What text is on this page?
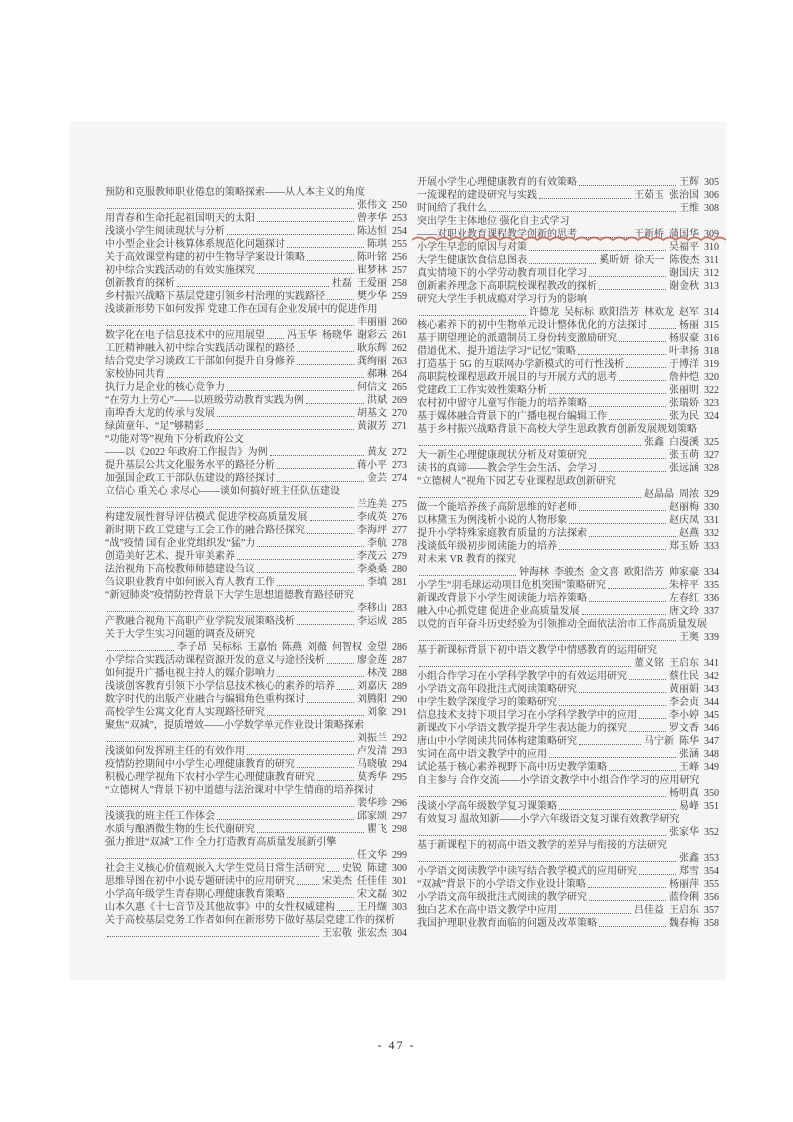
预防和克服教师职业倦怠的策略探索——从人本主义的角度
张伟文 250
用青春和生命托起祖国明天的太阳	曾孝华 253
浅谈小学生阅读现状与分析	陈达恒 254
中小型企业会计核算体系规范化问题探讨	陈琪 255
关于高效课堂构建的初中生物导学案设计策略	陈叶铭 256
初中综合实践活动的有效实施探究	崔梦林 257
创新教育的探析	杜磊  王爱丽 258
乡村振兴战略下基层党建引领乡村治理的实践路径	樊少华 259
浅谈新形势下如何发挥 党建工作在国有企业发展中的促进作用
丰丽丽 260
数字化在电子信息技术中的应用展望 冯玉华  杨晓华  谢彩云 261
工匠精神融入初中综合实践活动课程的路径	耿东辉 262
结合党史学习谈政工干部如何提升自身修养	龚绚丽 263
家校协同共育	郝琳 264
执行力是企业的核心竞争力	何信文 265
“在劳力上劳心”——以班级劳动教育实践为例	洪斌 269
南埠香大龙的传承与发展	胡基文 270
绿茵童年、“足”够精彩	黄淑芳 271
“功能对等”视角下分析政府公文
——以《2022 年政府工作报告》为例	黄友 272
提升基层公共文化服务水平的路径分析	蒋小平 273
加强国企政工干部队伍建设的路径探讨	金芸 274
立信心 重关心 求尽心——谈如何搞好班主任队伍建设
兰连美 275
构建发展性督导评估模式 促进学校高质量发展	李成英 276
新时期下政工党建与工会工作的融合路径探究	李海坪 277
“战”疫情 国有企业党组织发“猛”力	李航 278
创造美好艺术、提升审美素养	李茂云 279
法治视角下高校教师师德建设刍议	李桑桑 280
刍议职业教育中如何嵌入育人教育工作	李填 281
“新冠肺炎”疫情防控背景下大学生思想道德教育路径研究
李移山 283
产教融合视角下高职产业学院发展策略浅析	李运成 285
关于大学生实习问题的调查及研究
李子昂  吴标标  王嘉怡  陈燕  刘薇  何智权  金望 286
小学综合实践活动课程资源开发的意义与途径浅析	廖金莲 287
如何提升广播电视主持人的媒介影响力	林茂 288
浅谈创客教育引领下小学信息技术核心的素养的培养 刘嘉庆 289
数字时代的出版产业融合与编辑角色重构探讨	刘腾阳 290
高校学生公寓文化育人实现路径研究	刘象 291
聚焦“双减”，提质增效——小学数学单元作业设计策略探索
刘振兰 292
浅谈如何发挥班主任的有效作用	卢发清 293
疫情防控期间中小学生心理健康教育的研究	马晓敏 294
积极心理学视角下农村小学生心理健康教育研究	莫秀华 295
“立德树人”背景下初中道德与法治课对中学生情商的培养探讨
裴华珍 296
浅谈我的班主任工作体会	邱家颂 297
水质与酿酒微生物的生长代谢研究	瞿飞 298
强力推进“双减”工作 全力打造教育高质量发展新引擎
任文华 299
社会主义核心价值观嵌入大学生党员日常生活研究 史锐  陈建 300
思维导图在初中小说专题研读中的应用研究	宋美杰  任佳佳 301
小学高年级学生青春期心理健康教育策略	宋文磊 302
山本久惠《十七音节及其他故事》中的女性权威建构 王丹缬 303
关于高校基层党务工作者如何在新形势下做好基层党建工作的探析
王宏敬  张宏杰 304
开展小学生心理健康教育的有效策略	王辉 305
一流课程的建设研究与实践	王茹玉  张治国 306
时间给了我什么	王维 308
突出学生主体地位 强化自主式学习
——对职业教育课程教学创新的思考	王新桥  蒲国华 309
小学生早恋的原因与对策	吴福平 310
大学生健康饮食信息图表	奚昕妍  徐天一  陈俊杰 311
真实情境下的小学劳动教育项目化学习	谢国庆 312
创新素养理念下高职院校课程教改的探析	谢金秋 313
研究大学生手机成瘾对学习行为的影响
许德龙  吴标标  欧阳浩芳  林欢龙  赵军 314
核心素养下的初中生物单元设计整体优化的方法探讨	杨丽 315
基于期望理论的派遣制员工身份转变激励研究	杨驭豪 316
借道优术、提升道法学习“记忆”策略	叶聿扬 318
打造基于 5G 的互联网办学新模式的可行性浅析	于博洋 319
高职院校课程思政开展目的与开展方式的思考	詹仲恺 320
党建政工工作实效性策略分析	张丽明 322
农村初中留守儿童写作能力的培养策略	张瑞娇 323
基于媒体融合背景下的广播电视台编辑工作	张为民 324
基于乡村振兴战略背景下高校大学生思政教育创新发展规划策略
张鑫  白漫溪 325
大一新生心理健康现状分析及对策研究	张玉萌 327
读书的真谛——教会学生会生活、会学习	张远涵 328
“立德树人”视角下园艺专业课程思政创新研究
赵晶晶  周浓 329
做一个能培养孩子高阶思维的好老师	赵丽梅 330
以林黛玉为例浅析小说的人物形象	赵庆凤 331
提升小学特殊家庭教育质量的方法探索	赵燕 332
浅谈低年级初步阅读能力的培养	郑玉娇 333
对未来 VR 教育的探究
钟海林  李骏杰  金文喜  欧阳浩芳  帅家豪 334
小学生“羽毛球运动项目危机突围”策略研究	朱梓平 335
新课改背景下小学生阅读能力培养策略	左春红 336
融入中心抓党建 促进企业高质量发展	唐文玲 337
以党的百年奋斗历史经验为引领推动全面依法治市工作高质量发展
王奥 339
基于新课标背景下初中语文教学中情感教育的运用研究
董义铭  王启东 341
小组合作学习在小学科学教学中的有效运用研究	蔡仕民 342
小学语文高年段批注式阅读策略研究	黄丽娟 343
中学生数学深度学习的策略研究	李会贞 344
信息技术支持下项目学习在小学科学教学中的应用	李小婷 345
新课改下小学语文教学提升学生表达能力的探究	罗文香 346
唐山中小学阅读共同体构建策略研究	马宁新  陈华 347
实词在高中语文教学中的应用	张涵 348
试论基于核心素养视野下高中历史教学策略	王峰 349
自主参与 合作交流——小学语文教学中小组合作学习的应用研究
杨明真 350
浅谈小学高年级数学复习课策略	易峰 351
有效复习 温故知新——小学六年级语文复习课有效教学研究
张家华 352
基于新课程下的初高中语文教学的差异与衔接的方法研究
张鑫 353
小学语文阅读教学中读写结合教学模式的应用研究	郑雪 354
“双减”背景下的小学语文作业设计策略	杨丽萍 355
小学语文高年级批注式阅读的教学研究	蓝伶俐 356
独白艺术在高中语文教学中应用	吕佳益  王启东 357
我国护理职业教育面临的问题及改革策略	魏春梅 358
- 47 -
